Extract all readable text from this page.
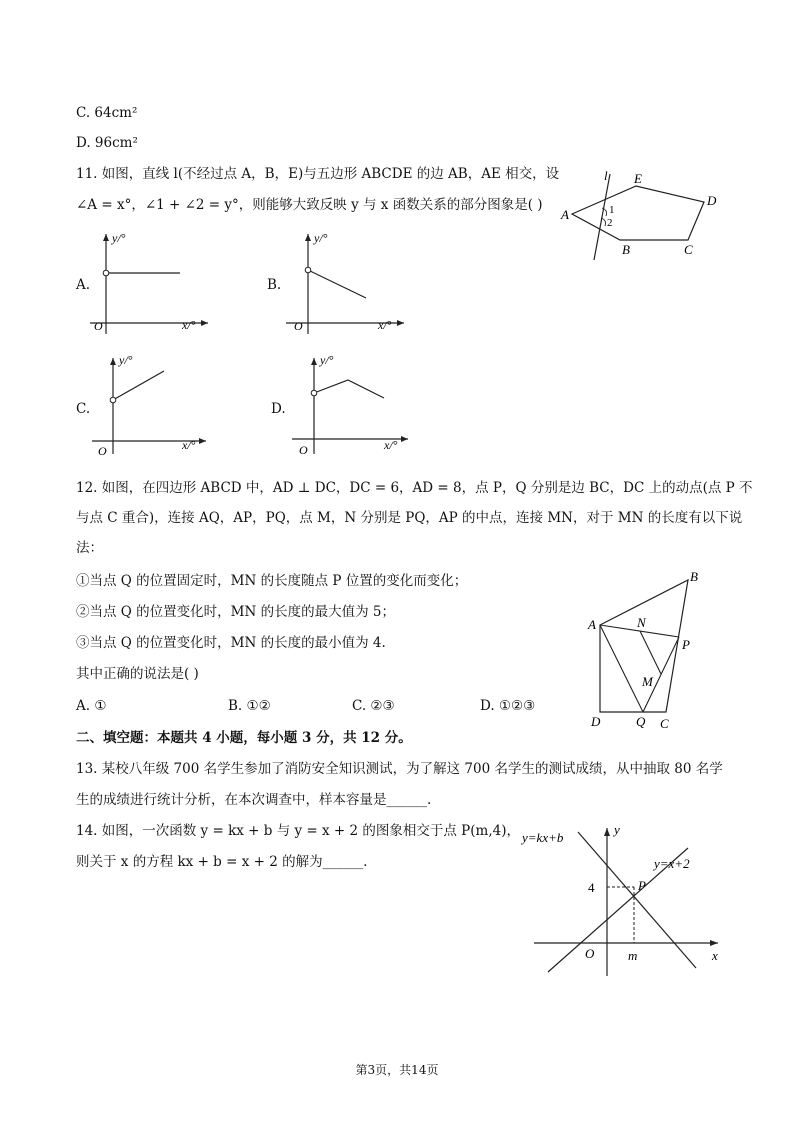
C. 64cm²
D. 96cm²
11. 如图，直线 l(不经过点 A，B，E)与五边形 ABCDE 的边 AB，AE 相交，设
∠A = x°，∠1 + ∠2 = y°，则能够大致反映 y 与 x 函数关系的部分图象是( )
l E
D
A	1
2
B	C
A.
y/°
x/°
O
B.
y/°
x/°
O
C.
y/°
x/°
O
D.
y/°
x/°
O
12. 如图，在四边形 ABCD 中，AD ⊥ DC，DC = 6，AD = 8，点 P，Q 分别是边 BC，DC 上的动点(点 P 不
与点 C 重合)，连接 AQ，AP，PQ，点 M，N 分别是 PQ，AP 的中点，连接 MN，对于 MN 的长度有以下说
法：
①当点 Q 的位置固定时，MN 的长度随点 P 位置的变化而变化；
②当点 Q 的位置变化时，MN 的长度的最大值为 5；
③当点 Q 的位置变化时，MN 的长度的最小值为 4.
其中正确的说法是( )
A. ①	B. ①②	C. ②③	D. ①②③
B
A	N
P
M
D	Q C
二、填空题：本题共 4 小题，每小题 3 分，共 12 分。
13. 某校八年级 700 名学生参加了消防安全知识测试，为了解这 700 名学生的测试成绩，从中抽取 80 名学
生的成绩进行统计分析，在本次调查中，样本容量是______.
14. 如图，一次函数 y = kx + b 与 y = x + 2 的图象相交于点 P(m,4)，
则关于 x 的方程 kx + b = x + 2 的解为______.
y=kx+b
y
y=x+2
4	P
O	m	x
第3页，共14页
